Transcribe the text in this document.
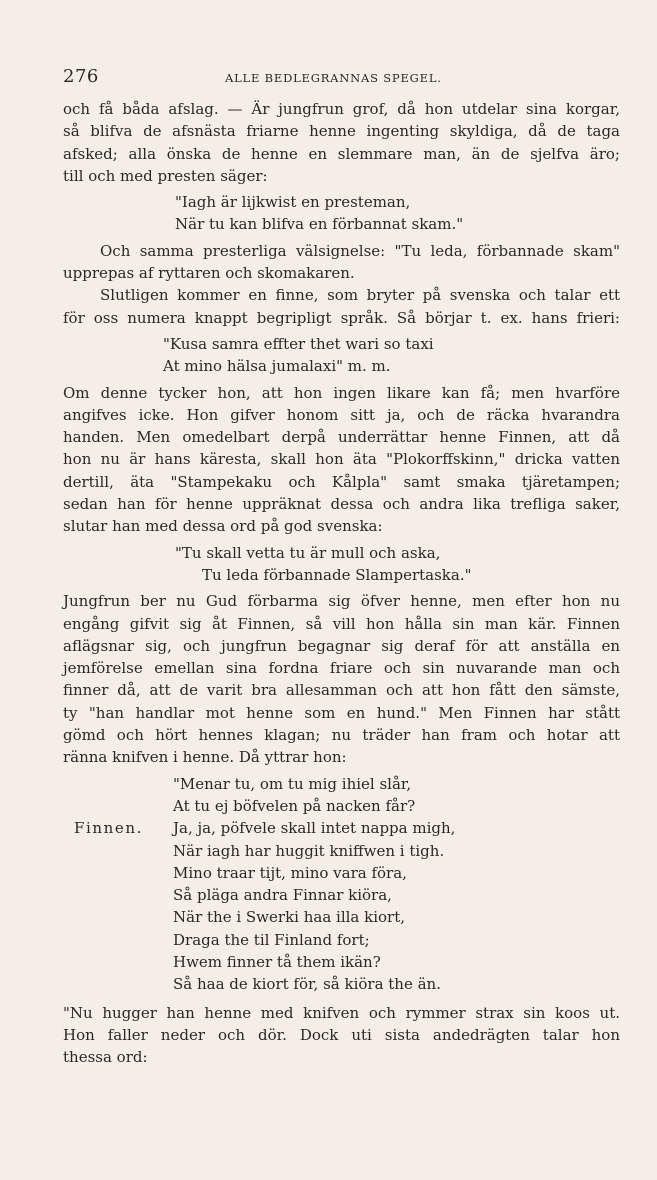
276	ALLE BEDLEGRANNAS SPEGEL.
och få båda afslag. — Är jungfrun grof, då hon utdelar sina korgar,
så blifva de afsnästa friarne henne ingenting skyldiga, då de taga
afsked; alla önska de henne en slemmare man, än de sjelfva äro;
till och med presten säger:
"Iagh är lijkwist en presteman,
När tu kan blifva en förbannat skam."
Och samma presterliga välsignelse: "Tu leda, förbannade skam"
upprepas af ryttaren och skomakaren.
Slutligen kommer en finne, som bryter på svenska och talar ett
för oss numera knappt begripligt språk. Så börjar t. ex. hans frieri:
"Kusa samra effter thet wari so taxi
At mino hälsa jumalaxi" m. m.
Om denne tycker hon, att hon ingen likare kan få; men hvarföre
angifves icke. Hon gifver honom sitt ja, och de räcka hvarandra
handen. Men omedelbart derpå underrättar henne Finnen, att då
hon nu är hans käresta, skall hon äta "Plokorffskinn," dricka vatten
dertill, äta "Stampekaku och Kålpla" samt smaka tjäretampen;
sedan han för henne uppräknat dessa och andra lika trefliga saker,
slutar han med dessa ord på god svenska:
"Tu skall vetta tu är mull och aska,
Tu leda förbannade Slampertaska."
Jungfrun ber nu Gud förbarma sig öfver henne, men efter hon nu
engång gifvit sig åt Finnen, så vill hon hålla sin man kär. Finnen
aflägsnar sig, och jungfrun begagnar sig deraf för att anställa en
jemförelse emellan sina fordna friare och sin nuvarande man och
finner då, att de varit bra allesamman och att hon fått den sämste,
ty "han handlar mot henne som en hund." Men Finnen har stått
gömd och hört hennes klagan; nu träder han fram och hotar att
ränna knifven i henne. Då yttrar hon:
"Menar tu, om tu mig ihiel slår,
At tu ej böfvelen på nacken får?
Finnen.	Ja, ja, pöfvele skall intet nappa migh,
När iagh har huggit kniffwen i tigh.
Mino traar tijt, mino vara föra,
Så pläga andra Finnar kiöra,
När the i Swerki haa illa kiort,
Draga the til Finland fort;
Hwem finner tå them ikän?
Så haa de kiort för, så kiöra the än.
"Nu hugger han henne med knifven och rymmer strax sin koos ut.
Hon faller neder och dör. Dock uti sista andedrägten talar hon
thessa ord:
